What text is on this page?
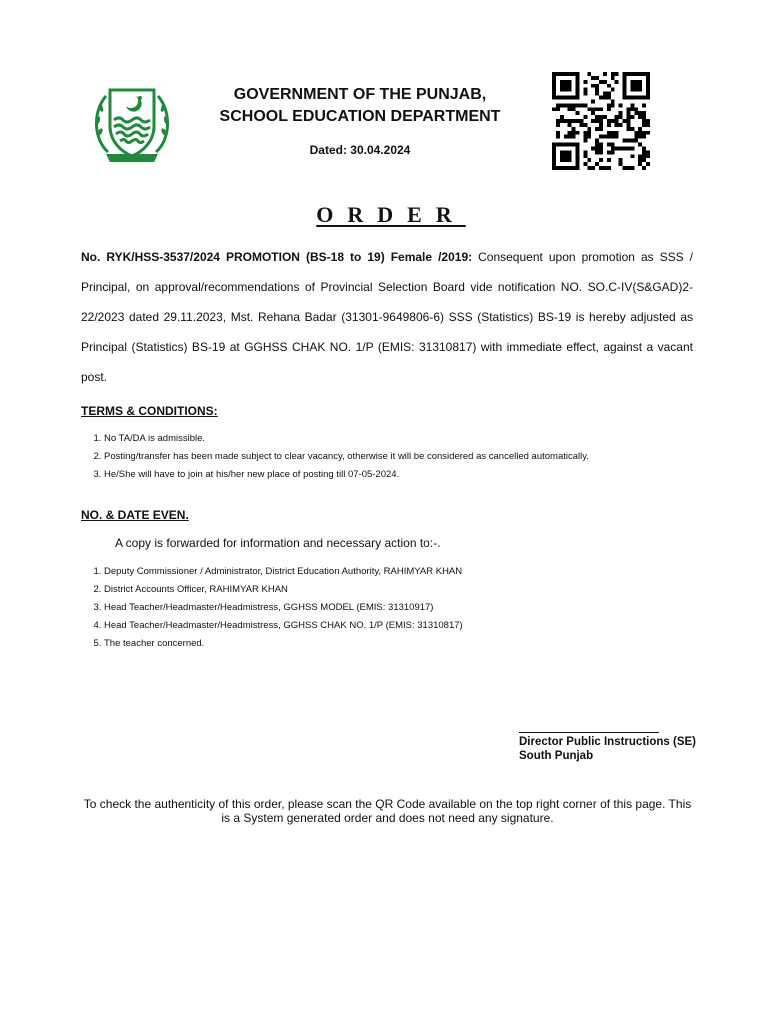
GOVERNMENT OF THE PUNJAB,
SCHOOL EDUCATION DEPARTMENT
Dated: 30.04.2024
ORDER
No. RYK/HSS-3537/2024 PROMOTION (BS-18 to 19) Female /2019: Consequent upon promotion as SSS / Principal, on approval/recommendations of Provincial Selection Board vide notification NO. SO.C-IV(S&GAD)2-22/2023 dated 29.11.2023, Mst. Rehana Badar (31301-9649806-6) SSS (Statistics) BS-19 is hereby adjusted as Principal (Statistics) BS-19 at GGHSS CHAK NO. 1/P (EMIS: 31310817) with immediate effect, against a vacant post.
TERMS & CONDITIONS:
1. No TA/DA is admissible.
2. Posting/transfer has been made subject to clear vacancy, otherwise it will be considered as cancelled automatically.
3. He/She will have to join at his/her new place of posting till 07-05-2024.
NO. & DATE EVEN.
A copy is forwarded for information and necessary action to:-.
1. Deputy Commissioner / Administrator, District Education Authority, RAHIMYAR KHAN
2. District Accounts Officer, RAHIMYAR KHAN
3. Head Teacher/Headmaster/Headmistress, GGHSS MODEL (EMIS: 31310917)
4. Head Teacher/Headmaster/Headmistress, GGHSS CHAK NO. 1/P (EMIS: 31310817)
5. The teacher concerned.
Director Public Instructions (SE)
South Punjab
To check the authenticity of this order, please scan the QR Code available on the top right corner of this page. This is a System generated order and does not need any signature.
